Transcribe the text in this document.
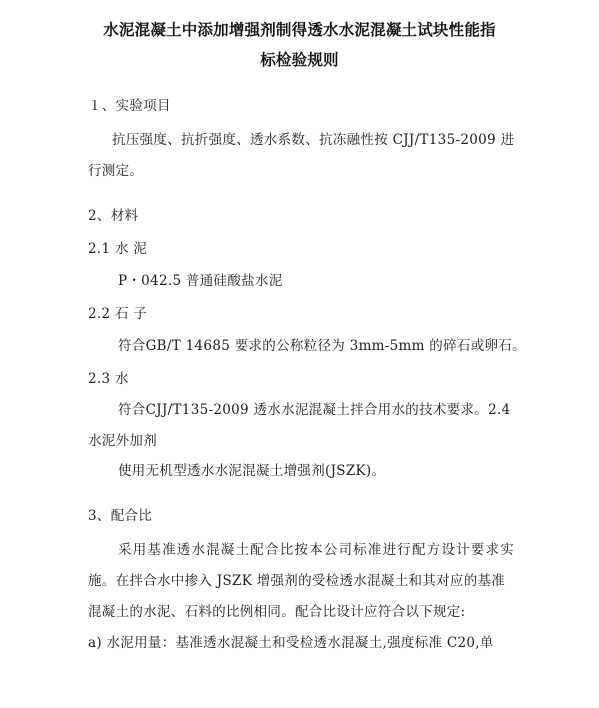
水泥混凝土中添加增强剂制得透水水泥混凝土试块性能指
标检验规则
１、实验项目
抗压强度、抗折强度、透水系数、抗冻融性按 CJJ/T135-2009 进
行测定。
2、材料
2.1 水 泥
P・042.5 普通硅酸盐水泥
2.2 石 子
符合GB/T 14685 要求的公称粒径为 3mm-5mm 的碎石或卵石。
2.3 水
符合CJJ/T135-2009 透水水泥混凝土拌合用水的技术要求。2.4
水泥外加剂
使用无机型透水水泥混凝土增强剂(JSZK)。
3、配合比
采用基准透水混凝土配合比按本公司标准进行配方设计要求实
施。在拌合水中掺入 JSZK 增强剂的受检透水混凝土和其对应的基准
混凝土的水泥、石料的比例相同。配合比设计应符合以下规定:
a) 水泥用量：基准透水混凝土和受检透水混凝土,强度标准 C20,单
